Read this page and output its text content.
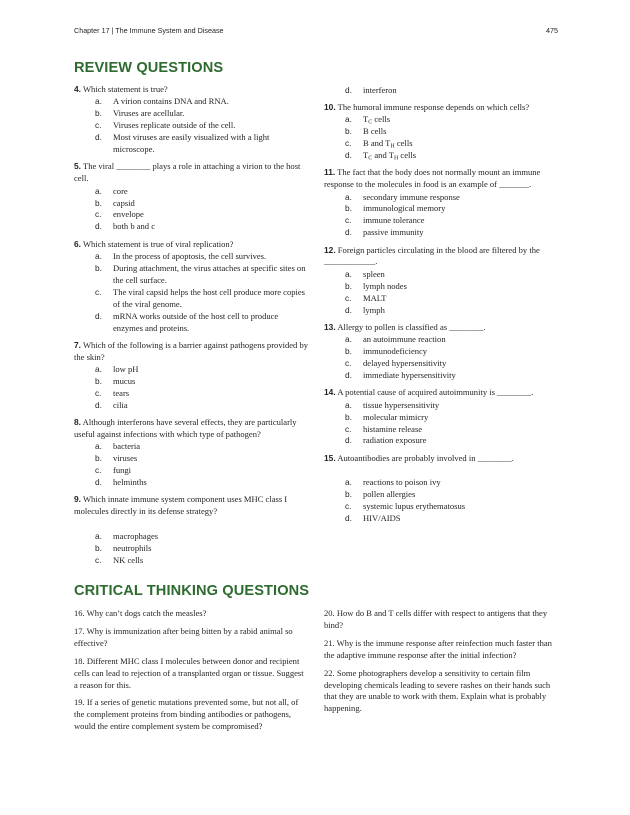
Chapter 17 | The Immune System and Disease	475
REVIEW QUESTIONS
4. Which statement is true?
a. A virion contains DNA and RNA.
b. Viruses are acellular.
c. Viruses replicate outside of the cell.
d. Most viruses are easily visualized with a light microscope.
5. The viral ________ plays a role in attaching a virion to the host cell.
a. core
b. capsid
c. envelope
d. both b and c
6. Which statement is true of viral replication?
a. In the process of apoptosis, the cell survives.
b. During attachment, the virus attaches at specific sites on the cell surface.
c. The viral capsid helps the host cell produce more copies of the viral genome.
d. mRNA works outside of the host cell to produce enzymes and proteins.
7. Which of the following is a barrier against pathogens provided by the skin?
a. low pH
b. mucus
c. tears
d. cilia
8. Although interferons have several effects, they are particularly useful against infections with which type of pathogen?
a. bacteria
b. viruses
c. fungi
d. helminths
9. Which innate immune system component uses MHC class I molecules directly in its defense strategy?
a. macrophages
b. neutrophils
c. NK cells
d. interferon
10. The humoral immune response depends on which cells?
a. $T_C$ cells
b. B cells
c. B and $T_H$ cells
d. $T_C$ and $T_H$ cells
11. The fact that the body does not normally mount an immune response to the molecules in food is an example of _______.
a. secondary immune response
b. immunological memory
c. immune tolerance
d. passive immunity
12. Foreign particles circulating in the blood are filtered by the ____________.
a. spleen
b. lymph nodes
c. MALT
d. lymph
13. Allergy to pollen is classified as ________.
a. an autoimmune reaction
b. immunodeficiency
c. delayed hypersensitivity
d. immediate hypersensitivity
14. A potential cause of acquired autoimmunity is ________.
a. tissue hypersensitivity
b. molecular mimicry
c. histamine release
d. radiation exposure
15. Autoantibodies are probably involved in ________.
a. reactions to poison ivy
b. pollen allergies
c. systemic lupus erythematosus
d. HIV/AIDS
CRITICAL THINKING QUESTIONS
16. Why can’t dogs catch the measles?
17. Why is immunization after being bitten by a rabid animal so effective?
18. Different MHC class I molecules between donor and recipient cells can lead to rejection of a transplanted organ or tissue. Suggest a reason for this.
19. If a series of genetic mutations prevented some, but not all, of the complement proteins from binding antibodies or pathogens, would the entire complement system be compromised?
20. How do B and T cells differ with respect to antigens that they bind?
21. Why is the immune response after reinfection much faster than the adaptive immune response after the initial infection?
22. Some photographers develop a sensitivity to certain film developing chemicals leading to severe rashes on their hands such that they are unable to work with them. Explain what is probably happening.
